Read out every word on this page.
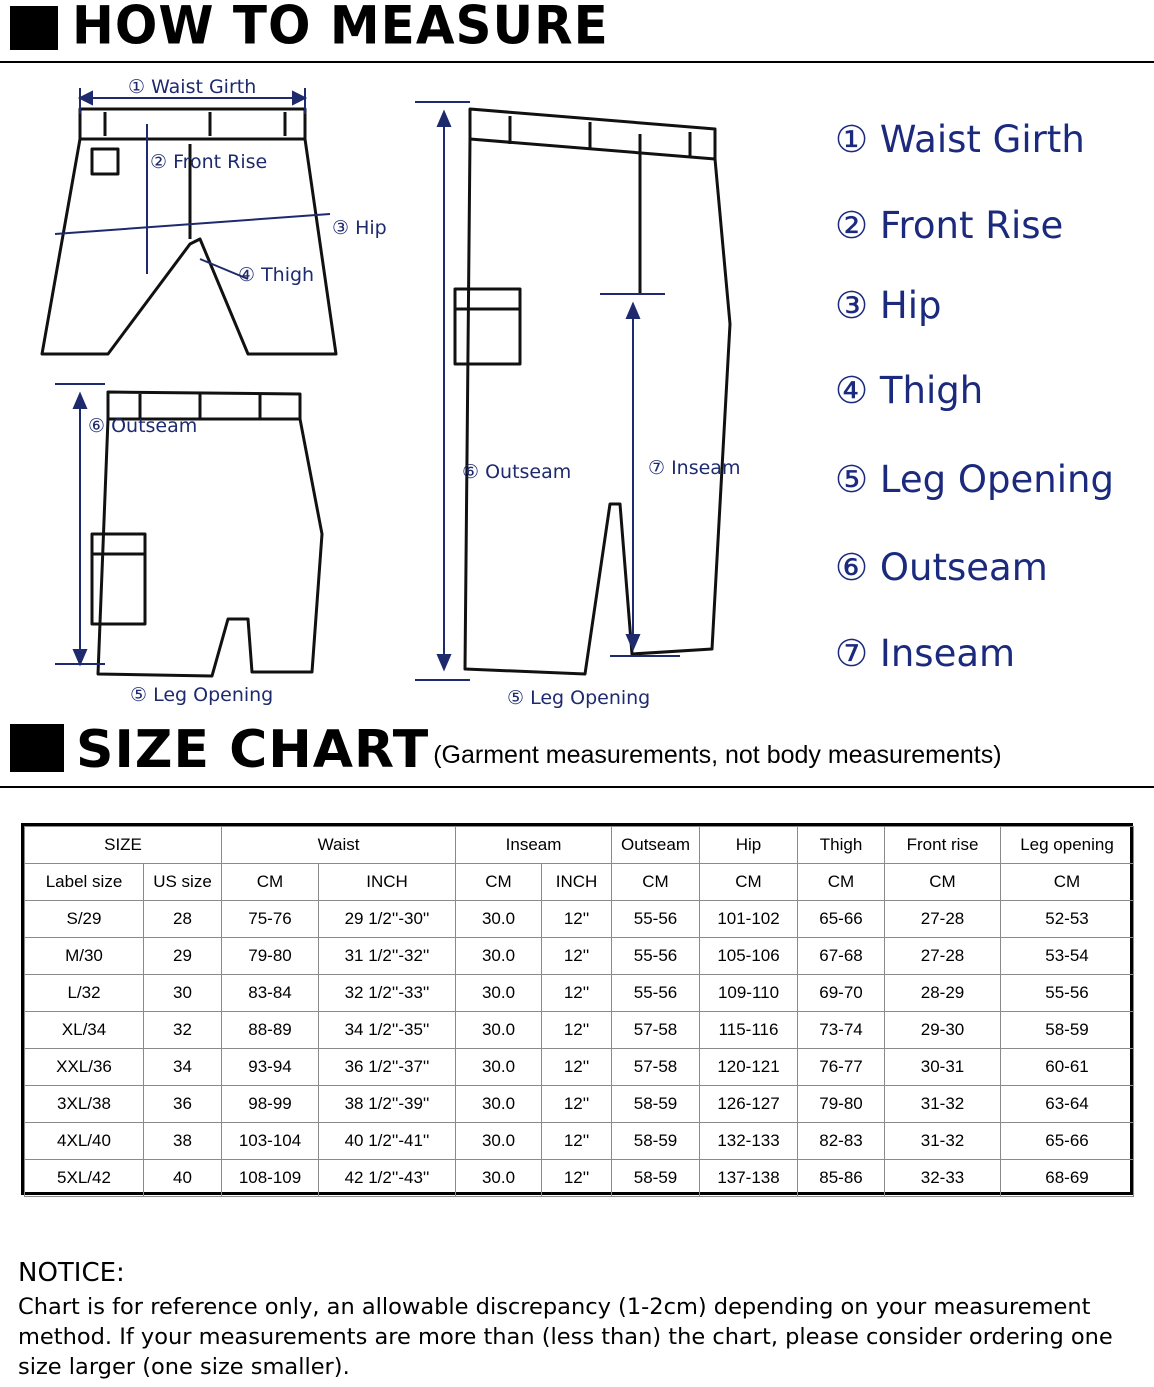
HOW TO MEASURE
① Waist Girth
② Front Rise
③ Hip
④ Thigh
⑥ Outseam
⑤ Leg Opening
⑥ Outseam	⑦ Inseam
⑤ Leg Opening
① Waist Girth
② Front Rise
③ Hip
④ Thigh
⑤ Leg Opening
⑥ Outseam
⑦ Inseam
SIZE CHART (Garment measurements, not body measurements)
SIZE		Waist		Inseam		Outseam	Hip	Thigh	Front rise	Leg opening
Label size	US size	CM	INCH	CM	INCH	CM	CM	CM	CM	CM
S/29	28	75-76	29 1/2''-30''	30.0	12''	55-56	101-102	65-66	27-28	52-53
M/30	29	79-80	31 1/2''-32''	30.0	12''	55-56	105-106	67-68	27-28	53-54
L/32	30	83-84	32 1/2''-33''	30.0	12''	55-56	109-110	69-70	28-29	55-56
XL/34	32	88-89	34 1/2''-35''	30.0	12''	57-58	115-116	73-74	29-30	58-59
XXL/36	34	93-94	36 1/2''-37''	30.0	12''	57-58	120-121	76-77	30-31	60-61
3XL/38	36	98-99	38 1/2''-39''	30.0	12''	58-59	126-127	79-80	31-32	63-64
4XL/40	38	103-104	40 1/2''-41''	30.0	12''	58-59	132-133	82-83	31-32	65-66
5XL/42	40	108-109	42 1/2''-43''	30.0	12''	58-59	137-138	85-86	32-33	68-69
NOTICE:

Chart is for reference only, an allowable discrepancy (1-2cm) depending on your measurement method. If your measurements are more than (less than) the chart, please consider ordering one size larger (one size smaller).
